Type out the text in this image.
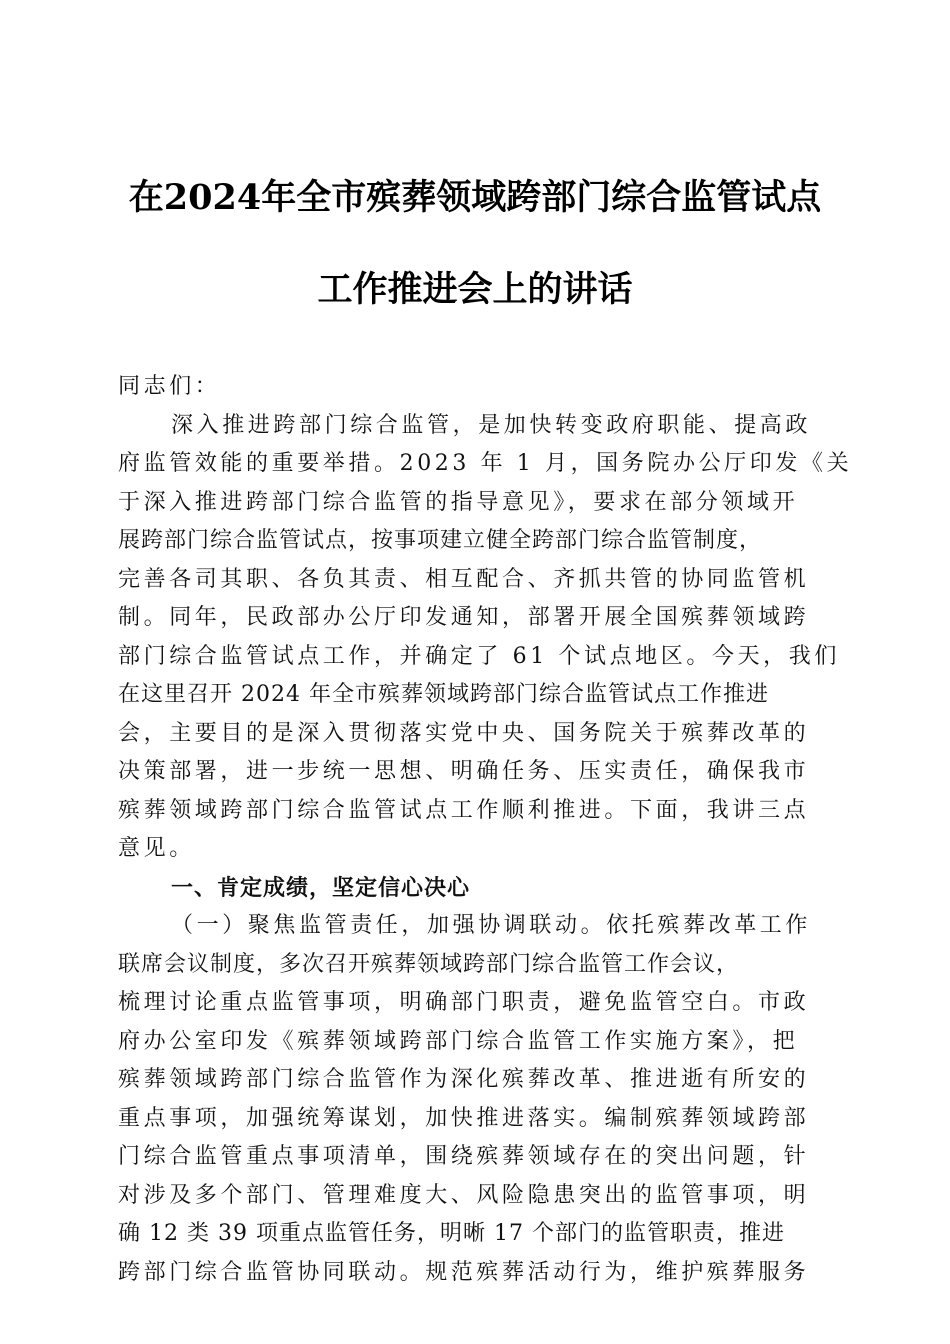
在2024年全市殡葬领域跨部门综合监管试点
工作推进会上的讲话

同志们：

深入推进跨部门综合监管，是加快转变政府职能、提高政

府监管效能的重要举措。2023 年 1 月，国务院办公厅印发《关

于深入推进跨部门综合监管的指导意见》，要求在部分领域开

展跨部门综合监管试点，按事项建立健全跨部门综合监管制度，

完善各司其职、各负其责、相互配合、齐抓共管的协同监管机

制。同年，民政部办公厅印发通知，部署开展全国殡葬领域跨

部门综合监管试点工作，并确定了 61 个试点地区。今天，我们

在这里召开 2024 年全市殡葬领域跨部门综合监管试点工作推进

会，主要目的是深入贯彻落实党中央、国务院关于殡葬改革的

决策部署，进一步统一思想、明确任务、压实责任，确保我市

殡葬领域跨部门综合监管试点工作顺利推进。下面，我讲三点

意见。

一、肯定成绩，坚定信心决心

（一）聚焦监管责任，加强协调联动。依托殡葬改革工作

联席会议制度，多次召开殡葬领域跨部门综合监管工作会议，

梳理讨论重点监管事项，明确部门职责，避免监管空白。市政

府办公室印发《殡葬领域跨部门综合监管工作实施方案》，把

殡葬领域跨部门综合监管作为深化殡葬改革、推进逝有所安的

重点事项，加强统筹谋划，加快推进落实。编制殡葬领域跨部

门综合监管重点事项清单，围绕殡葬领域存在的突出问题，针

对涉及多个部门、管理难度大、风险隐患突出的监管事项，明

确 12 类 39 项重点监管任务，明晰 17 个部门的监管职责，推进

跨部门综合监管协同联动。规范殡葬活动行为，维护殡葬服务
